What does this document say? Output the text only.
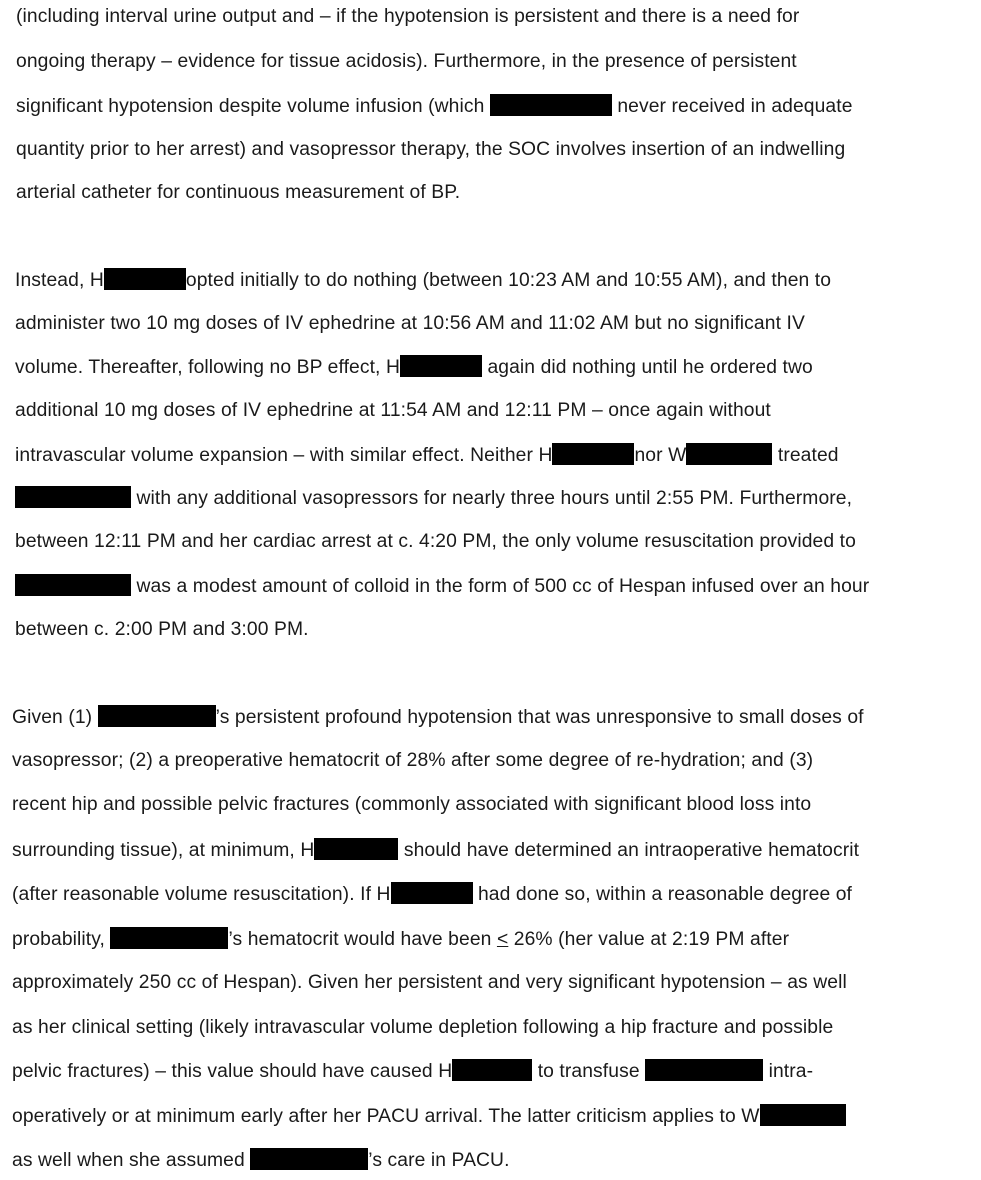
(including interval urine output and – if the hypotension is persistent and there is a need for
ongoing therapy – evidence for tissue acidosis). Furthermore, in the presence of persistent
significant hypotension despite volume infusion (which	never received in adequate
quantity prior to her arrest) and vasopressor therapy, the SOC involves insertion of an indwelling
arterial catheter for continuous measurement of BP.
Instead, H	opted initially to do nothing (between 10:23 AM and 10:55 AM), and then to
administer two 10 mg doses of IV ephedrine at 10:56 AM and 11:02 AM but no significant IV
volume. Thereafter, following no BP effect, H	again did nothing until he ordered two
additional 10 mg doses of IV ephedrine at 11:54 AM and 12:11 PM – once again without
intravascular volume expansion – with similar effect. Neither H	nor W	treated
with any additional vasopressors for nearly three hours until 2:55 PM. Furthermore,
between 12:11 PM and her cardiac arrest at c. 4:20 PM, the only volume resuscitation provided to
was a modest amount of colloid in the form of 500 cc of Hespan infused over an hour
between c. 2:00 PM and 3:00 PM.
Given (1)	’s persistent profound hypotension that was unresponsive to small doses of
vasopressor; (2) a preoperative hematocrit of 28% after some degree of re-hydration; and (3)
recent hip and possible pelvic fractures (commonly associated with significant blood loss into
surrounding tissue), at minimum, H	should have determined an intraoperative hematocrit
(after reasonable volume resuscitation). If H	had done so, within a reasonable degree of
probability,	’s hematocrit would have been ≤ 26% (her value at 2:19 PM after
approximately 250 cc of Hespan). Given her persistent and very significant hypotension – as well
as her clinical setting (likely intravascular volume depletion following a hip fracture and possible
pelvic fractures) – this value should have caused H	to transfuse	intra-
operatively or at minimum early after her PACU arrival. The latter criticism applies to W
as well when she assumed	’s care in PACU.
